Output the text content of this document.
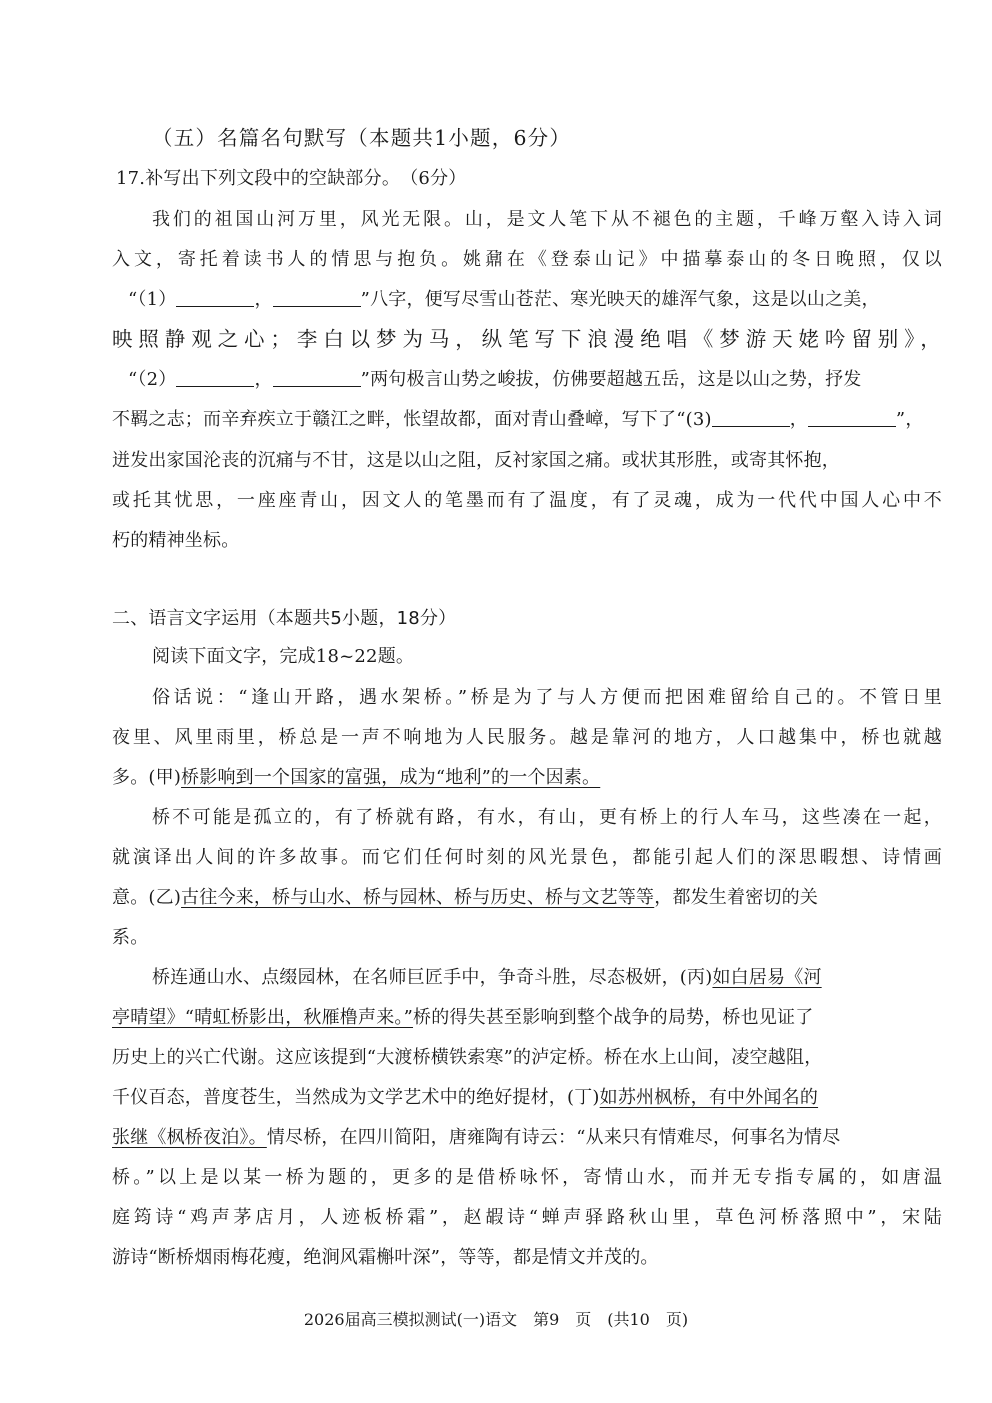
（五）名篇名句默写（本题共1小题，6分）
17.补写出下列文段中的空缺部分。　（6分）
我们的祖国山河万里，风光无限。山，是文人笔下从不褪色的主题，千峰万壑入诗入词
入文，寄托着读书人的情思与抱负。姚鼐在《登泰山记》中描摹泰山的冬日晚照，仅以
“（1）	，	”八字，便写尽雪山苍茫、寒光映天的雄浑气象，这是以山之美，
映照静观之心；李白以梦为马，纵笔写下浪漫绝唱《梦游天姥吟留别》，
“（2）	，	”两句极言山势之峻拔，仿佛要超越五岳，这是以山之势，抒发
不羁之志；而辛弃疾立于赣江之畔，怅望故都，面对青山叠嶂，写下了“(3)	，	”，
迸发出家国沦丧的沉痛与不甘，这是以山之阻，反衬家国之痛。或状其形胜，或寄其怀抱，
或托其忧思，一座座青山，因文人的笔墨而有了温度，有了灵魂，成为一代代中国人心中不
朽的精神坐标。
二、语言文字运用（本题共5小题，18分）
阅读下面文字，完成18~22题。
俗话说：“逢山开路，遇水架桥。”桥是为了与人方便而把困难留给自己的。不管日里
夜里、风里雨里，桥总是一声不响地为人民服务。越是靠河的地方，人口越集中，桥也就越
多。(甲)桥影响到一个国家的富强，成为“地利”的一个因素。
桥不可能是孤立的，有了桥就有路，有水，有山，更有桥上的行人车马，这些凑在一起，
就演译出人间的许多故事。而它们任何时刻的风光景色，都能引起人们的深思暇想、诗情画
意。(乙)古往今来，桥与山水、桥与园林、桥与历史、桥与文艺等等，都发生着密切的关
系。
桥连通山水、点缀园林，在名师巨匠手中，争奇斗胜，尽态极妍，(丙)如白居易《河
亭晴望》“晴虹桥影出，秋雁橹声来。”桥的得失甚至影响到整个战争的局势，桥也见证了
历史上的兴亡代谢。这应该提到“大渡桥横铁索寒”的泸定桥。桥在水上山间，凌空越阻，
千仪百态，普度苍生，当然成为文学艺术中的绝好提材，(丁)如苏州枫桥，有中外闻名的
张继《枫桥夜泊》。情尽桥，在四川简阳，唐雍陶有诗云：“从来只有情难尽，何事名为情尽
桥。”以上是以某一桥为题的，更多的是借桥咏怀，寄情山水，而并无专指专属的，如唐温
庭筠诗“鸡声茅店月，人迹板桥霜”，赵嘏诗“蝉声驿路秋山里，草色河桥落照中”，宋陆
游诗“断桥烟雨梅花瘦，绝涧风霜槲叶深”，等等，都是情文并茂的。
2026届高三模拟测试(一)语文　第9　页　(共10　页)
